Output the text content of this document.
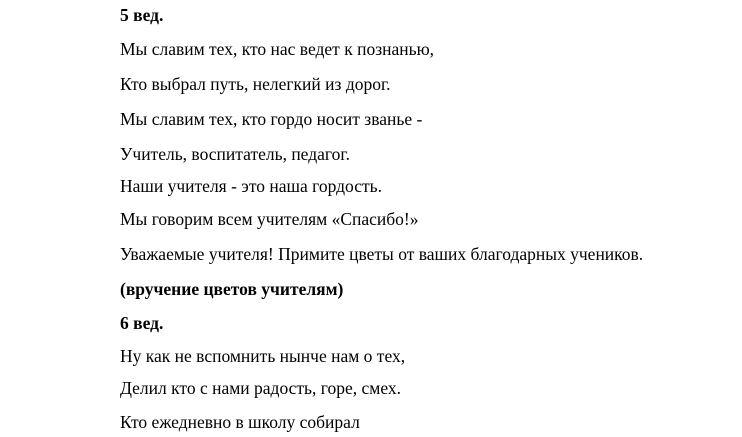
5 вед.
Мы славим тех, кто нас ведет к познанью,
Кто выбрал путь, нелегкий из дорог.
Мы славим тех, кто гордо носит званье -
Учитель, воспитатель, педагог.
Наши учителя - это наша гордость.
Мы говорим всем учителям «Спасибо!»
Уважаемые учителя! Примите цветы от ваших благодарных учеников.
(вручение цветов учителям)
6 вед.
Ну как не вспомнить нынче нам о тех,
Делил кто с нами радость, горе, смех.
Кто ежедневно в школу собирал
